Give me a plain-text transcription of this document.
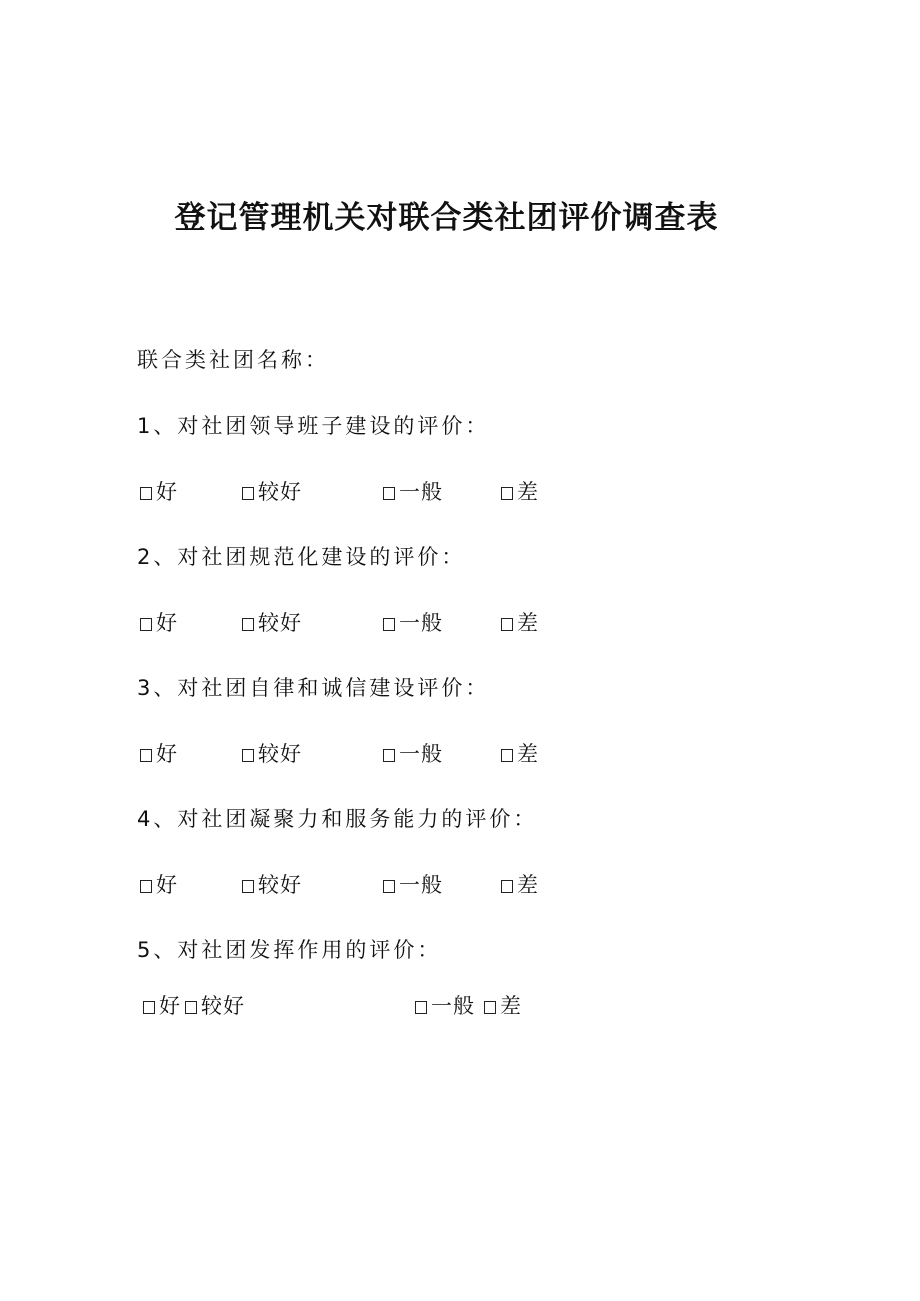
登记管理机关对联合类社团评价调查表
联合类社团名称：
1、对社团领导班子建设的评价：
好	较好	一般	差
2、对社团规范化建设的评价：
好	较好	一般	差
3、对社团自律和诚信建设评价：
好	较好	一般	差
4、对社团凝聚力和服务能力的评价：
好	较好	一般	差
5、对社团发挥作用的评价：
好 较好	一般	差
